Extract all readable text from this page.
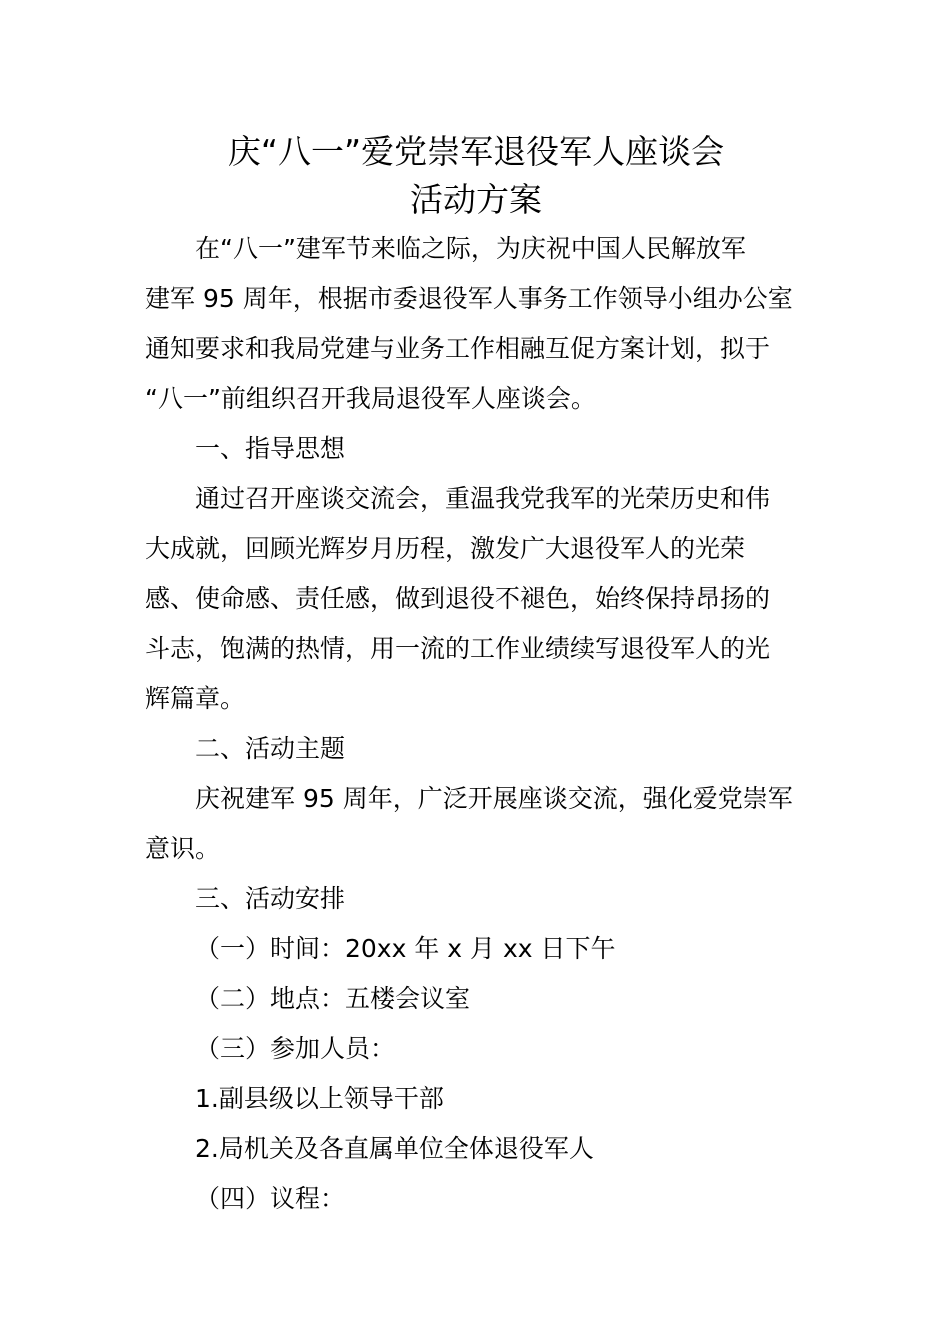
庆“八一”爱党崇军退役军人座谈会
活动方案

在“八一”建军节来临之际，为庆祝中国人民解放军
建军 95 周年，根据市委退役军人事务工作领导小组办公室
通知要求和我局党建与业务工作相融互促方案计划，拟于
“八一”前组织召开我局退役军人座谈会。

一、指导思想

通过召开座谈交流会，重温我党我军的光荣历史和伟
大成就，回顾光辉岁月历程，激发广大退役军人的光荣
感、使命感、责任感，做到退役不褪色，始终保持昂扬的
斗志，饱满的热情，用一流的工作业绩续写退役军人的光
辉篇章。

二、活动主题

庆祝建军 95 周年，广泛开展座谈交流，强化爱党崇军
意识。

三、活动安排

（一）时间：20xx 年 x 月 xx 日下午

（二）地点：五楼会议室

（三）参加人员：

1.副县级以上领导干部

2.局机关及各直属单位全体退役军人

（四）议程：
